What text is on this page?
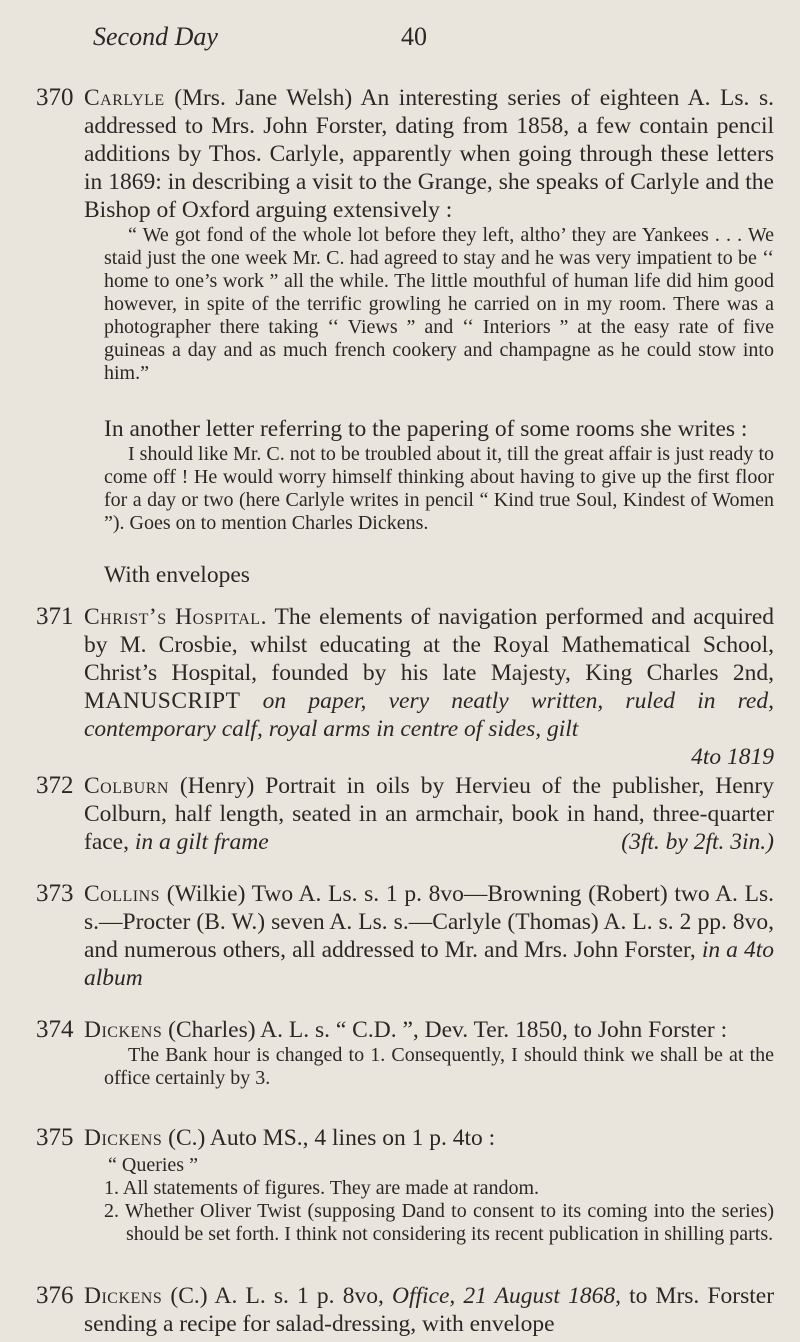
Second Day	40
370 Carlyle (Mrs. Jane Welsh) An interesting series of eighteen A. Ls. s. addressed to Mrs. John Forster, dating from 1858, a few contain pencil additions by Thos. Carlyle, apparently when going through these letters in 1869: in describing a visit to the Grange, she speaks of Carlyle and the Bishop of Oxford arguing extensively :

“ We got fond of the whole lot before they left, altho’ they are Yankees . . . We staid just the one week Mr. C. had agreed to stay and he was very impatient to be ‘‘ home to one’s work ” all the while. The little mouthful of human life did him good however, in spite of the terrific growling he carried on in my room. There was a photographer there taking ‘‘ Views ” and ‘‘ Interiors ” at the easy rate of five guineas a day and as much french cookery and champagne as he could stow into him.”

In another letter referring to the papering of some rooms she writes :

I should like Mr. C. not to be troubled about it, till the great affair is just ready to come off ! He would worry himself thinking about having to give up the first floor for a day or two (here Carlyle writes in pencil “ Kind true Soul, Kindest of Women ”). Goes on to mention Charles Dickens.

With envelopes

371 Christ’s Hospital. The elements of navigation performed and acquired by M. Crosbie, whilst educating at the Royal Mathematical School, Christ’s Hospital, founded by his late Majesty, King Charles 2nd, MANUSCRIPT on paper, very neatly written, ruled in red, contemporary calf, royal arms in centre of sides, gilt

4to 1819

372 Colburn (Henry) Portrait in oils by Hervieu of the publisher, Henry Colburn, half length, seated in an armchair, book in hand, three-quarter face, in a gilt frame	(3ft. by 2ft. 3in.)

373 Collins (Wilkie) Two A. Ls. s. 1 p. 8vo—Browning (Robert) two A. Ls. s.—Procter (B. W.) seven A. Ls. s.—Carlyle (Thomas) A. L. s. 2 pp. 8vo, and numerous others, all addressed to Mr. and Mrs. John Forster, in a 4to album

374 Dickens (Charles) A. L. s. “ C.D. ”, Dev. Ter. 1850, to John Forster :

The Bank hour is changed to 1. Consequently, I should think we shall be at the office certainly by 3.

375 Dickens (C.) Auto MS., 4 lines on 1 p. 4to :

“ Queries ”
1. All statements of figures. They are made at random.
2. Whether Oliver Twist (supposing Dand to consent to its coming into the series) should be set forth. I think not considering its recent publication in shilling parts.
376 Dickens (C.) A. L. s. 1 p. 8vo, Office, 21 August 1868, to Mrs. Forster sending a recipe for salad-dressing, with envelope
